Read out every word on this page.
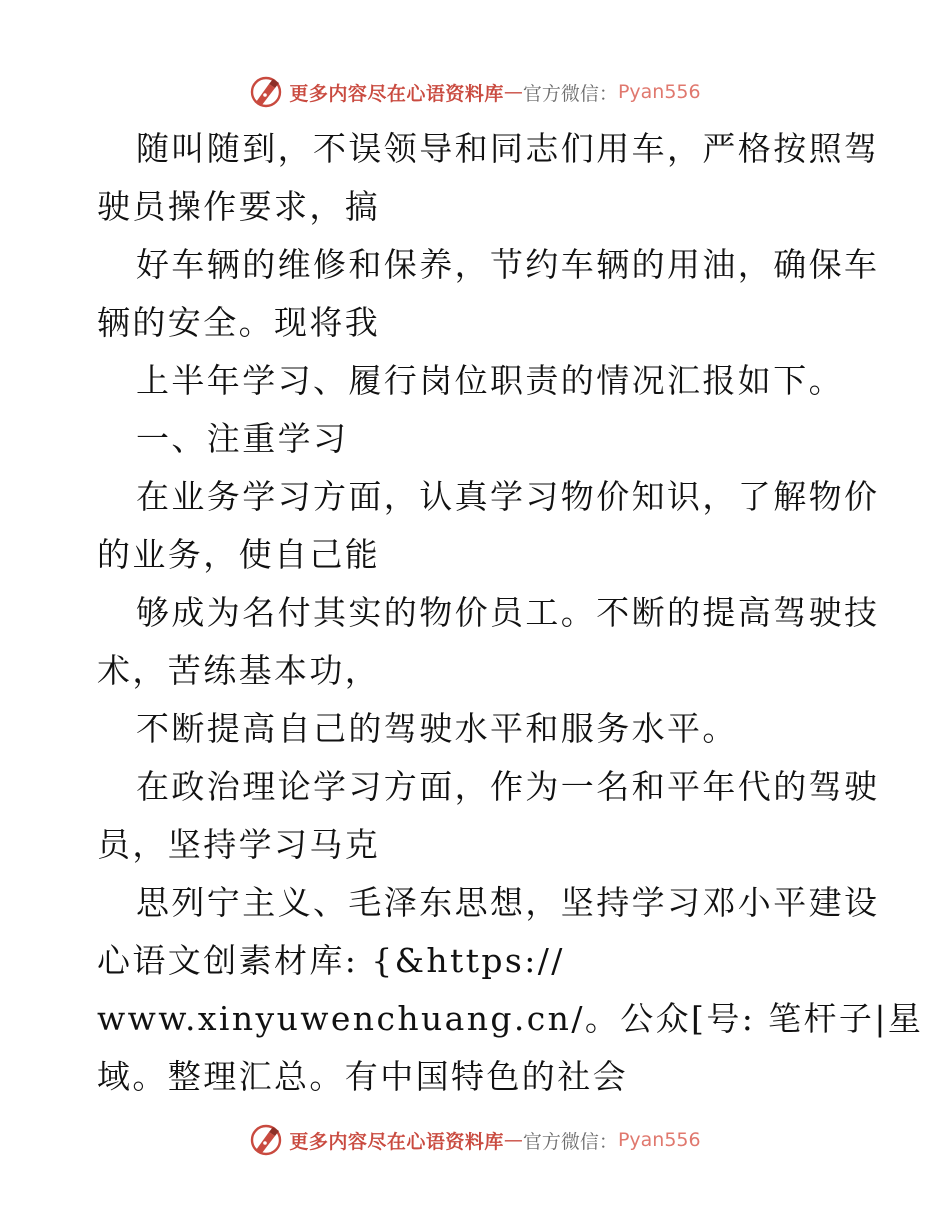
更多内容尽在心语资料库 — 官方微信： Pyan556
随叫随到，不误领导和同志们用车，严格按照驾
驶员操作要求，搞
好车辆的维修和保养，节约车辆的用油，确保车
辆的安全。现将我
上半年学习、履行岗位职责的情况汇报如下。
一、注重学习
在业务学习方面，认真学习物价知识，了解物价
的业务，使自己能
够成为名付其实的物价员工。不断的提高驾驶技
术，苦练基本功，
不断提高自己的驾驶水平和服务水平。
在政治理论学习方面，作为一名和平年代的驾驶
员，坚持学习马克
思列宁主义、毛泽东思想，坚持学习邓小平建设
心语文创素材库: {&https://
www.xinyuwenchuang.cn/。公众[号: 笔杆子|星
域。整理汇总。有中国特色的社会
更多内容尽在心语资料库 — 官方微信： Pyan556
